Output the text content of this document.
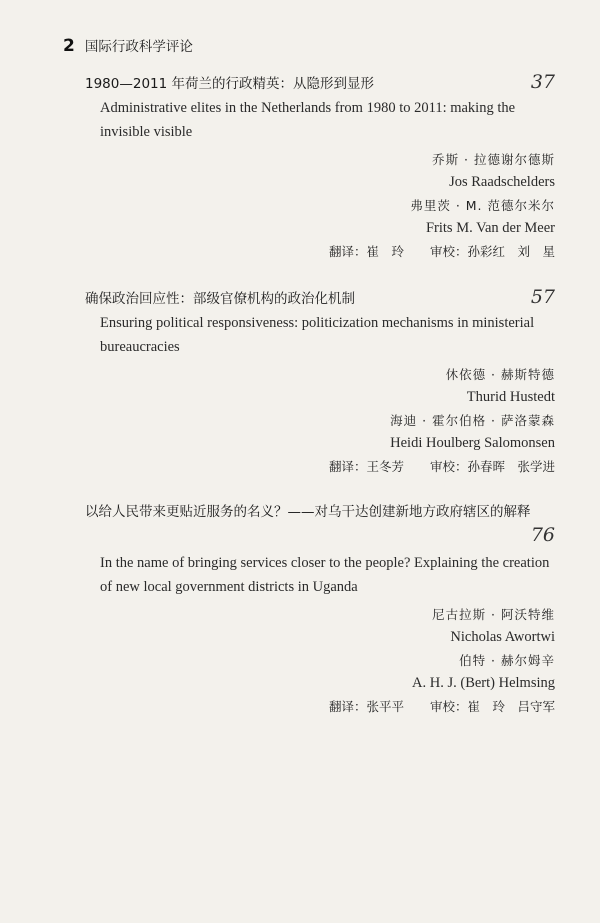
2 国际行政科学评论
1980—2011 年荷兰的行政精英：从隐形到显形	37
Administrative elites in the Netherlands from 1980 to 2011: making the invisible visible
乔斯 · 拉德谢尔德斯
Jos Raadschelders
弗里茨 · M. 范德尔米尔
Frits M. Van der Meer
翻译：崔　玲 审校：孙彩红　刘　星
确保政治回应性：部级官僚机构的政治化机制	57
Ensuring political responsiveness: politicization mechanisms in ministerial bureaucracies
休依德 · 赫斯特德
Thurid Hustedt
海迪 · 霍尔伯格 · 萨洛蒙森
Heidi Houlberg Salomonsen
翻译：王冬芳 审校：孙春晖　张学进
以给人民带来更贴近服务的名义？——对乌干达创建新地方政府辖区的解释
76
In the name of bringing services closer to the people? Explaining the creation of new local government districts in Uganda
尼古拉斯 · 阿沃特维
Nicholas Awortwi
伯特 · 赫尔姆辛
A. H. J. (Bert) Helmsing
翻译：张平平 审校：崔　玲　吕守军
